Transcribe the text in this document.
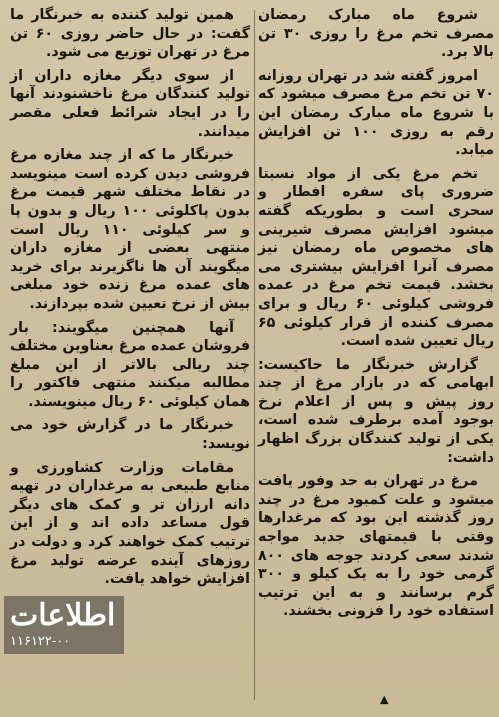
شروع ماه مبارک رمضان مصرف تخم مرغ را روزی ۳۰ تن بالا برد.

امروز گفته شد در تهران روزانه ۷۰ تن تخم مرغ مصرف میشود که با شروع ماه مبارک رمضان این رقم به روزی ۱۰۰ تن افزایش میابد.

تخم مرغ یکی از مواد نسبتا ضروری پای سفره افطار و سحری است و بطوریکه گفته میشود افزایش مصرف شیرینی های مخصوص ماه رمضان نیز مصرف آنرا افزایش بیشتری می بخشد. قیمت تخم مرغ در عمده فروشی کیلوئی ۶۰ ریال و برای مصرف کننده از قرار کیلوئی ۶۵ ریال تعیین شده است.

گزارش خبرنگار ما حاکیست: ابهامی که در بازار مرغ از چند روز پیش و پس از اعلام نرخ بوجود آمده برطرف شده است، یکی از تولید کنندگان بزرگ اظهار داشت:

مرغ در تهران به حد وفور یافت میشود و علت کمبود مرغ در چند روز گذشته این بود که مرغدارها وقتی با قیمتهای جدید مواجه شدند سعی کردند جوجه های ۸۰۰ گرمی خود را به یک کیلو و ۳۰۰ گرم برسانند و به این ترتیب استفاده خود را فزونی بخشند.

همین تولید کننده به خبرنگار ما گفت: در حال حاضر روزی ۶۰ تن مرغ در تهران توزیع می شود.

از سوی دیگر مغازه داران از تولید کنندگان مرغ ناخشنودند آنها را در ایجاد شرائط فعلی مقصر میدانند.

خبرنگار ما که از چند مغازه مرغ فروشی دیدن کرده است مینویسد در نقاط مختلف شهر قیمت مرغ بدون پاکلوئی ۱۰۰ ریال و بدون پا و سر کیلوئی ۱۱۰ ریال است منتهی بعضی از مغازه داران میگویند آن ها ناگزیرند برای خرید های عمده مرغ زنده خود مبلغی بیش از نرخ تعیین شده بپردازند.

آنها همچنین میگویند: بار فروشان عمده مرغ بعناوین مختلف چند ریالی بالاتر از این مبلغ مطالبه میکنند منتهی فاکتور را همان کیلوئی ۶۰ ریال مینویسند.

خبرنگار ما در گزارش خود می نویسد:

مقامات وزارت کشاورزی و منابع طبیعی به مرغداران در تهیه دانه ارزان تر و کمک های دیگر قول مساعد داده اند و از این ترتیب کمک خواهند کرد و دولت در روزهای آینده عرضه تولید مرغ افزایش خواهد یافت.

▼
اطلاعات
۱۱۶۱۲۲-۰۰
